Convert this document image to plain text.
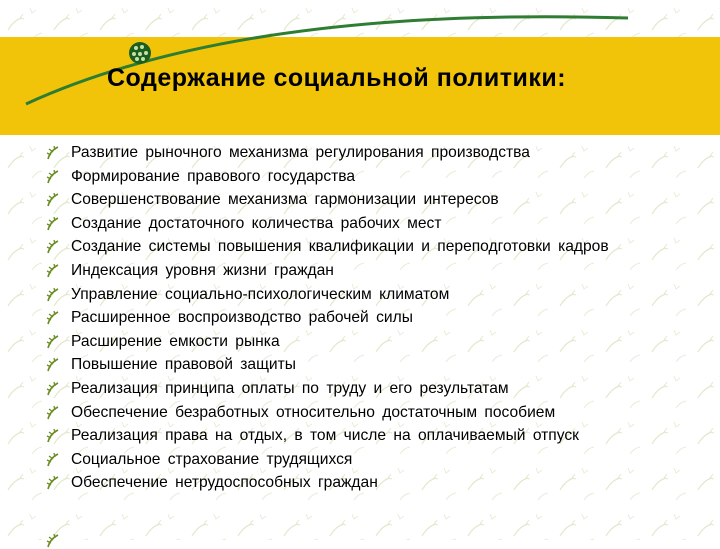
Содержание социальной политики:
Развитие рыночного механизма регулирования производства
Формирование правового государства
Совершенствование механизма гармонизации интересов
Создание достаточного количества рабочих мест
Создание системы повышения квалификации и переподготовки кадров
Индексация уровня жизни граждан
Управление социально-психологическим климатом
Расширенное воспроизводство рабочей силы
Расширение емкости рынка
Повышение правовой защиты
Реализация принципа оплаты по труду и его результатам
Обеспечение безработных относительно достаточным пособием
Реализация права на отдых, в том числе на оплачиваемый отпуск
Социальное страхование трудящихся
Обеспечение нетрудоспособных граждан
